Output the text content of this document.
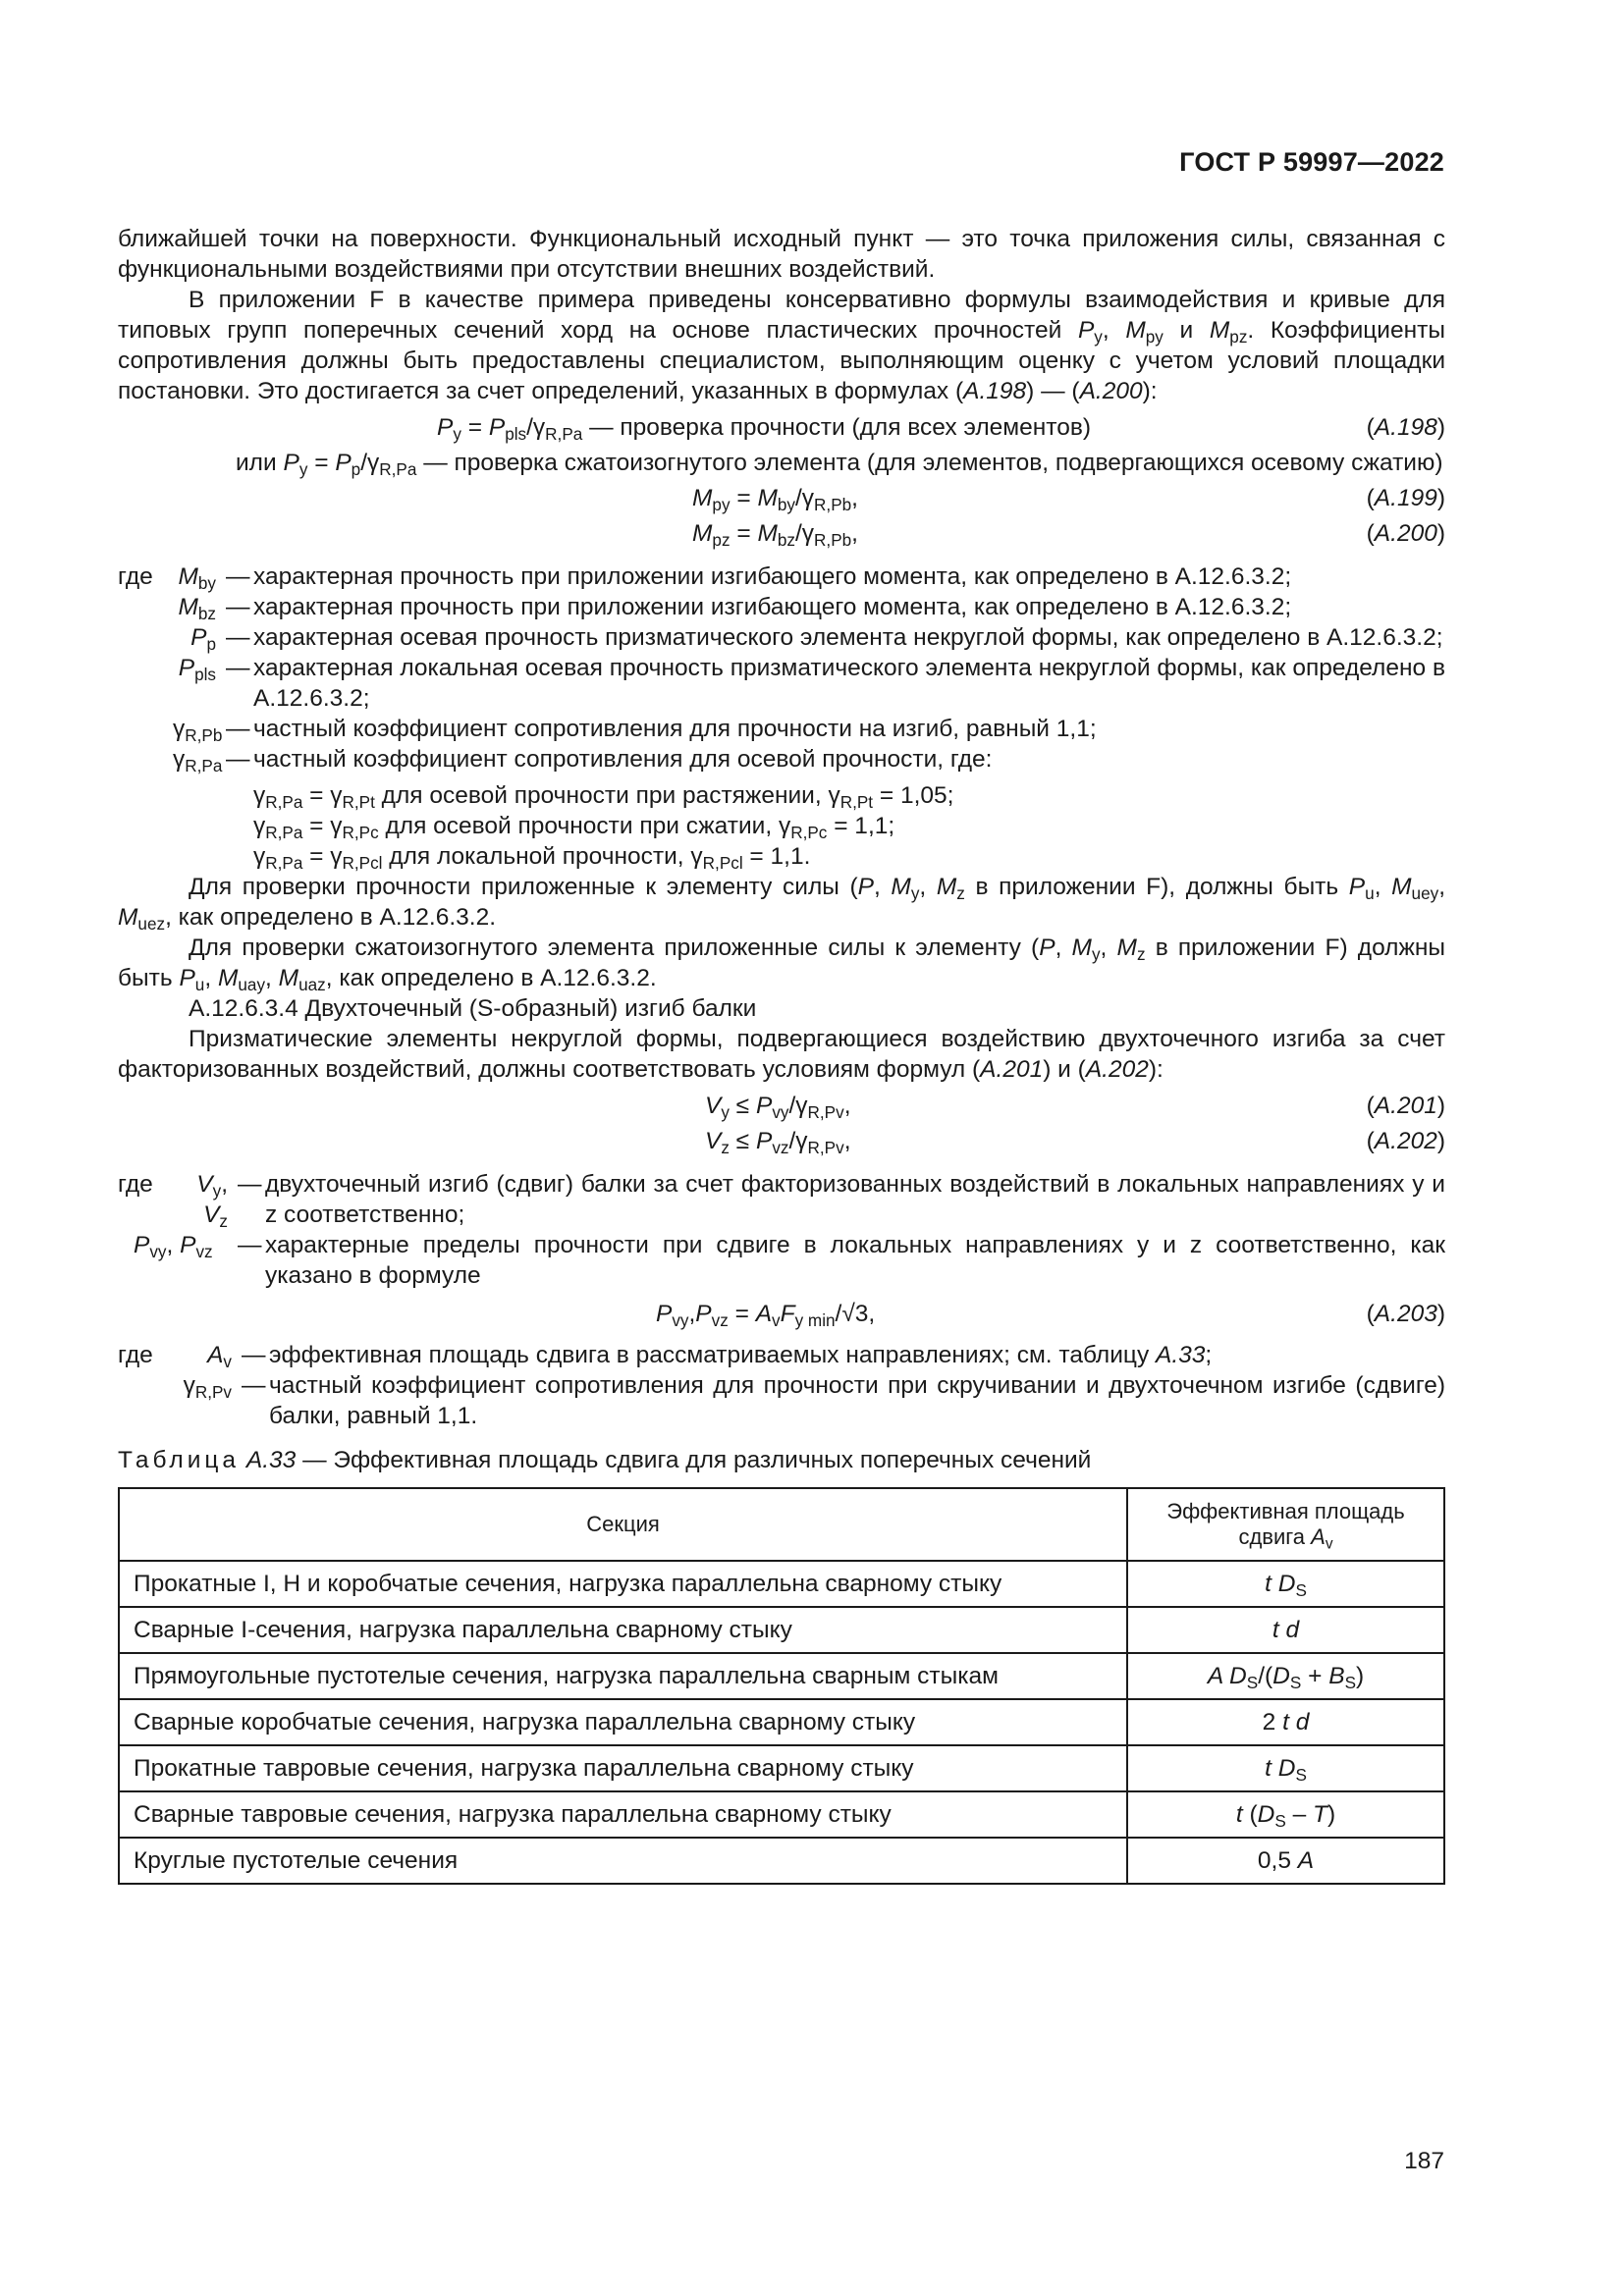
ГОСТ Р 59997—2022

ближайшей точки на поверхности. Функциональный исходный пункт — это точка приложения силы, связанная с функциональными воздействиями при отсутствии внешних воздействий.

В приложении F в качестве примера приведены консервативно формулы взаимодействия и кривые для типовых групп поперечных сечений хорд на основе пластических прочностей $P_y$, $M_{py}$ и $M_{pz}$. Коэффициенты сопротивления должны быть предоставлены специалистом, выполняющим оценку с учетом условий площадки постановки. Это достигается за счет определений, указанных в формулах (A.198) — (A.200):

$P_y = P_{pls}/\gamma_{R,Pa}$ — проверка прочности (для всех элементов)	(A.198)
или $P_y = P_p/\gamma_{R,Pa}$ — проверка сжатоизогнутого элемента (для элементов, подвергающихся осевому сжатию)
$M_{py} = M_{by}/\gamma_{R,Pb}$,	(A.199)
$M_{pz} = M_{bz}/\gamma_{R,Pb}$,	(A.200)
где	$M_{by}$ — характерная прочность при приложении изгибающего момента, как определено в А.12.6.3.2;
$M_{bz}$ — характерная прочность при приложении изгибающего момента, как определено в А.12.6.3.2;
$P_p$ — характерная осевая прочность призматического элемента некруглой формы, как определено в А.12.6.3.2;
$P_{pls}$ — характерная локальная осевая прочность призматического элемента некруглой формы, как определено в А.12.6.3.2;
$\gamma_{R,Pb}$ — частный коэффициент сопротивления для прочности на изгиб, равный 1,1;
$\gamma_{R,Pa}$ — частный коэффициент сопротивления для осевой прочности, где:
$\gamma_{R,Pa} = \gamma_{R,Pt}$ для осевой прочности при растяжении, $\gamma_{R,Pt} = 1,05$;
$\gamma_{R,Pa} = \gamma_{R,Pc}$ для осевой прочности при сжатии, $\gamma_{R,Pc} = 1,1$;
$\gamma_{R,Pa} = \gamma_{R,Pcl}$ для локальной прочности, $\gamma_{R,Pcl} = 1,1$.

Для проверки прочности приложенные к элементу силы (P, $M_y$, $M_z$ в приложении F), должны быть $P_u$, $M_{uey}$, $M_{uez}$, как определено в А.12.6.3.2.

Для проверки сжатоизогнутого элемента приложенные силы к элементу (P, $M_y$, $M_z$ в приложении F) должны быть $P_u$, $M_{uay}$, $M_{uaz}$, как определено в А.12.6.3.2.

А.12.6.3.4 Двухточечный (S-образный) изгиб балки

Призматические элементы некруглой формы, подвергающиеся воздействию двухточечного изгиба за счет факторизованных воздействий, должны соответствовать условиям формул (A.201) и (A.202):

$V_y \le P_{vy}/\gamma_{R,Pv}$,	(A.201)
$V_z \le P_{vz}/\gamma_{R,Pv}$,	(A.202)
где	$V_y$, $V_z$
— двухточечный изгиб (сдвиг) балки за счет факторизованных воздействий в локальных направлениях y и z соответственно;
$P_{vy}$, $P_{vz}$ — характерные пределы прочности при сдвиге в локальных направлениях y и z соответственно, как указано в формуле
$P_{vy},P_{vz} = A_vF_{y min}/√3$,	(A.203)
где	$A_v$ — эффективная площадь сдвига в рассматриваемых направлениях; см. таблицу A.33;
$\gamma_{R,Pv}$ — частный коэффициент сопротивления для прочности при скручивании и двухточечном изгибе (сдвиге) балки, равный 1,1.
Таблица A.33 — Эффективная площадь сдвига для различных поперечных сечений
Секция	Эффективная площадь
сдвига $A_v$
Прокатные I, H и коробчатые сечения, нагрузка параллельна сварному стыку	t $D_S$
Сварные I-сечения, нагрузка параллельна сварному стыку	t d
Прямоугольные пустотелые сечения, нагрузка параллельна сварным стыкам	A $D_S/(D_S + B_S)$
Сварные коробчатые сечения, нагрузка параллельна сварному стыку	2 t d
Прокатные тавровые сечения, нагрузка параллельна сварному стыку	t $D_S$
Сварные тавровые сечения, нагрузка параллельна сварному стыку	t $(D_S - T)$
Круглые пустотелые сечения	0,5 A
187
